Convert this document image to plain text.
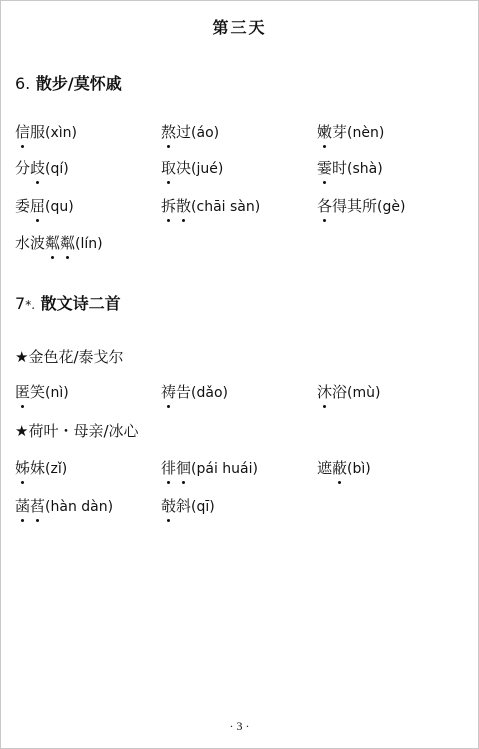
第三天
6. 散步/莫怀戚
信服(xìn)	熬过(áo)	嫩芽(nèn)
分歧(qí)	取决(jué)	霎时(shà)
委屈(qu)	拆散(chāi sàn)	各得其所(gè)
水波粼粼(lín)
7*. 散文诗二首
★金色花/泰戈尔
匿笑(nì)	祷告(dǎo)	沐浴(mù)
★荷叶・母亲/冰心
姊妹(zǐ)	徘徊(pái huái)	遮蔽(bì)
菡萏(hàn dàn)	攲斜(qī)
· 3 ·
